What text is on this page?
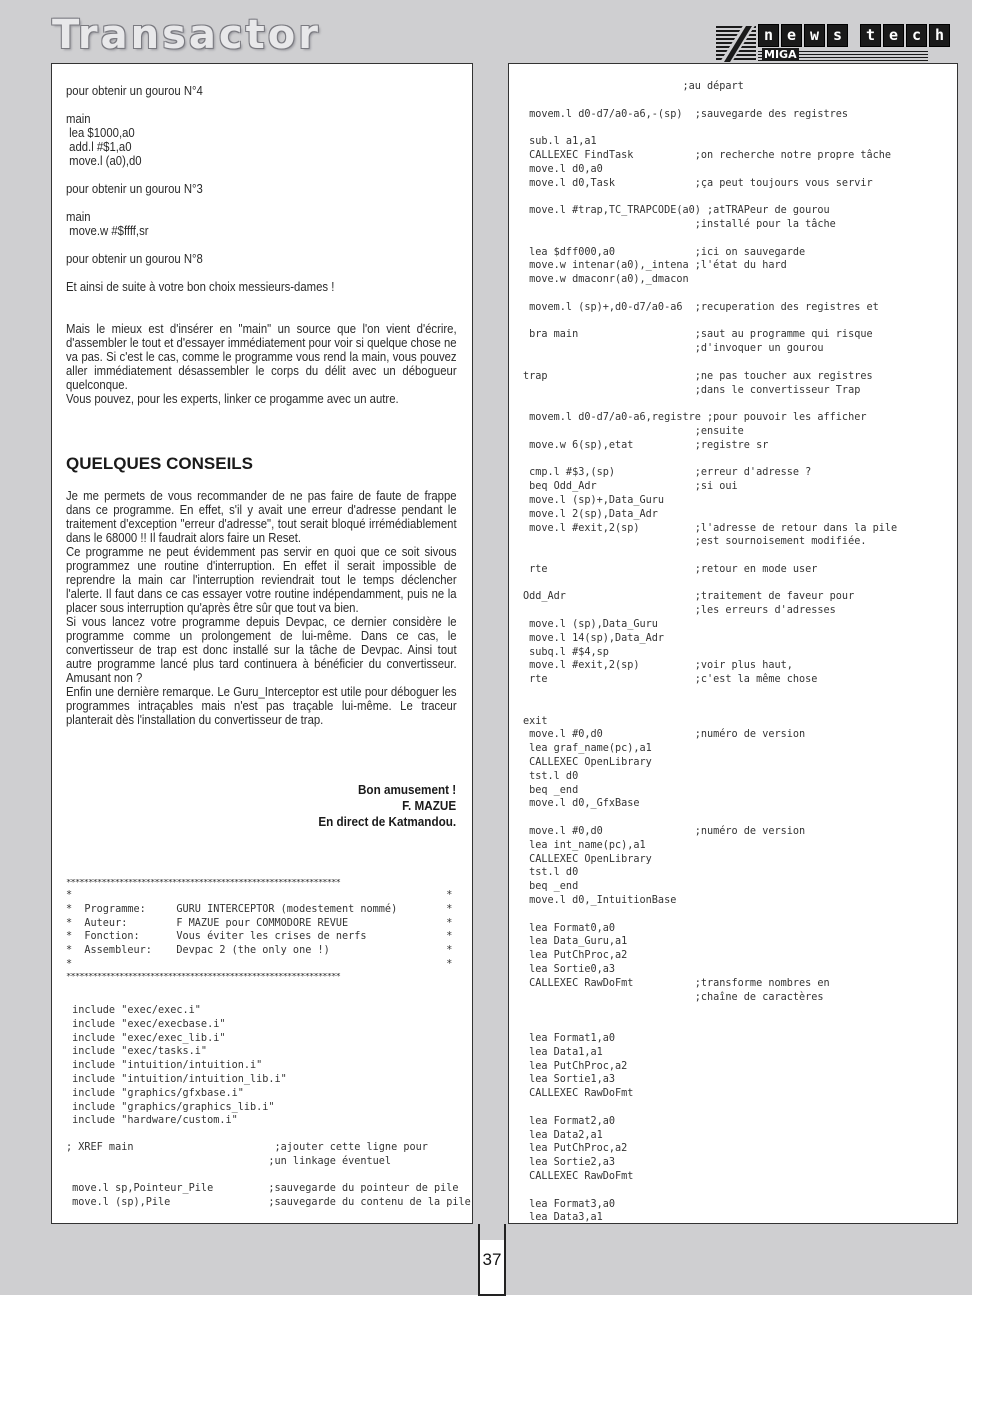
Transactor	n e w s	t e c h
MIGA
pour obtenir un gourou N°4

main
lea $1000,a0
add.l #$1,a0
move.l (a0),d0

pour obtenir un gourou N°3

main
move.w #$ffff,sr

pour obtenir un gourou N°8

Et ainsi de suite à votre bon choix messieurs-dames !

Mais le mieux est d'insérer en "main" un source que l'on vient d'écrire, d'assembler le tout et d'essayer immédiatement pour voir si quelque chose ne va pas. Si c'est le cas, comme le programme vous rend la main, vous pouvez aller immédiatement désassembler le corps du délit avec un débogueur quelconque.

Vous pouvez, pour les experts, linker ce progamme avec un autre.

QUELQUES CONSEILS

Je me permets de vous recommander de ne pas faire de faute de frappe dans ce programme. En effet, s'il y avait une erreur d'adresse pendant le traitement d'exception "erreur d'adresse", tout serait bloqué irrémédiablement dans le 68000 !! Il faudrait alors faire un Reset.

Ce programme ne peut évidemment pas servir en quoi que ce soit sivous programmez une routine d'interruption. En effet il serait impossible de reprendre la main car l'interruption reviendrait tout le temps déclencher l'alerte. Il faut dans ce cas essayer votre routine indépendamment, puis ne la placer sous interruption qu'après être sûr que tout va bien.

Si vous lancez votre programme depuis Devpac, ce dernier considère le programme comme un prolongement de lui-même. Dans ce cas, le convertisseur de trap est donc installé sur la tâche de Devpac. Ainsi tout autre programme lancé plus tard continuera à bénéficier du convertisseur. Amusant non ?

Enfin une dernière remarque. Le Guru_Interceptor est utile pour déboguer les programmes intraçables mais n'est pas traçable lui-même. Le traceur planterait dès l'installation du convertisseur de trap.

Bon amusement !
F. MAZUE
En direct de Katmandou.
**************************************************************
*                                                             *
*  Programme:     GURU INTERCEPTOR (modestement nommé)        *
*  Auteur:        F MAZUE pour COMMODORE REVUE                *
*  Fonction:      Vous éviter les crises de nerfs             *
*  Assembleur:    Devpac 2 (the only one !)                   *
*                                                             *
**************************************************************
include "exec/exec.i"
include "exec/execbase.i"
include "exec/exec_lib.i"
include "exec/tasks.i"
include "intuition/intuition.i"
include "intuition/intuition_lib.i"
include "graphics/gfxbase.i"
include "graphics/graphics_lib.i"
include "hardware/custom.i"
; XREF main                       ;ajouter cette ligne pour
;un linkage éventuel

move.l sp,Pointeur_Pile         ;sauvegarde du pointeur de pile
move.l (sp),Pile                ;sauvegarde du contenu de la pile
;au départ

movem.l d0-d7/a0-a6,-(sp)  ;sauvegarde des registres

sub.l a1,a1
CALLEXEC FindTask          ;on recherche notre propre tâche
move.l d0,a0
move.l d0,Task             ;ça peut toujours vous servir

move.l #trap,TC_TRAPCODE(a0) ;atTRAPeur de gourou
;installé pour la tâche

lea $dff000,a0             ;ici on sauvegarde
move.w intenar(a0),_intena ;l'état du hard
move.w dmaconr(a0),_dmacon

movem.l (sp)+,d0-d7/a0-a6  ;recuperation des registres et

bra main                   ;saut au programme qui risque
;d'invoquer un gourou

trap                        ;ne pas toucher aux registres
;dans le convertisseur Trap

movem.l d0-d7/a0-a6,registre ;pour pouvoir les afficher
;ensuite
move.w 6(sp),etat          ;registre sr

cmp.l #$3,(sp)             ;erreur d'adresse ?
beq Odd_Adr                ;si oui
move.l (sp)+,Data_Guru
move.l 2(sp),Data_Adr
move.l #exit,2(sp)         ;l'adresse de retour dans la pile
;est sournoisement modifiée.

rte                        ;retour en mode user

Odd_Adr                     ;traitement de faveur pour
;les erreurs d'adresses
move.l (sp),Data_Guru
move.l 14(sp),Data_Adr
subq.l #$4,sp
move.l #exit,2(sp)         ;voir plus haut,
rte                        ;c'est la même chose

exit
move.l #0,d0               ;numéro de version
lea graf_name(pc),a1
CALLEXEC OpenLibrary
tst.l d0
beq _end
move.l d0,_GfxBase

move.l #0,d0               ;numéro de version
lea int_name(pc),a1
CALLEXEC OpenLibrary
tst.l d0
beq _end
move.l d0,_IntuitionBase

lea Format0,a0
lea Data_Guru,a1
lea PutChProc,a2
lea Sortie0,a3
CALLEXEC RawDoFmt          ;transforme nombres en
;chaîne de caractères

lea Format1,a0
lea Data1,a1
lea PutChProc,a2
lea Sortie1,a3
CALLEXEC RawDoFmt

lea Format2,a0
lea Data2,a1
lea PutChProc,a2
lea Sortie2,a3
CALLEXEC RawDoFmt

lea Format3,a0
lea Data3,a1
37
